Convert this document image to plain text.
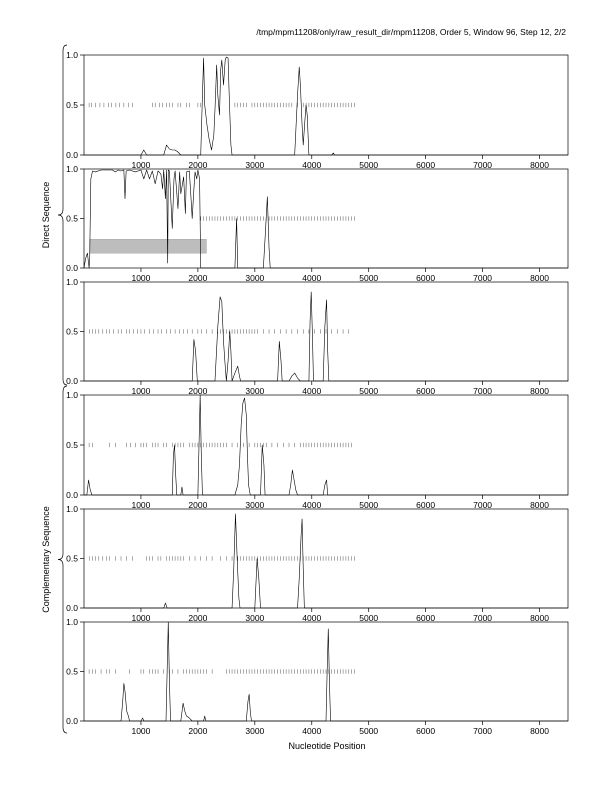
/tmp/mpm11208/only/raw_result_dir/mpm11208, Order 5, Window 96, Step 12, 2/2
0.0
0.5
1.0
1000	2000	3000	4000	5000	6000	7000	8000
0.0
0.5
1.0
1000	2000	3000	4000	5000	6000	7000	8000
0.0
0.5
1.0
1000	2000	3000	4000	5000	6000	7000	8000
0.0
0.5
1.0
1000	2000	3000	4000	5000	6000	7000	8000
0.0
0.5
1.0
1000	2000	3000	4000	5000	6000	7000	8000
0.0
0.5
1.0
1000	2000	3000	4000	5000	6000	7000	8000
Direct Sequence
Complementary Sequence
Nucleotide Position
